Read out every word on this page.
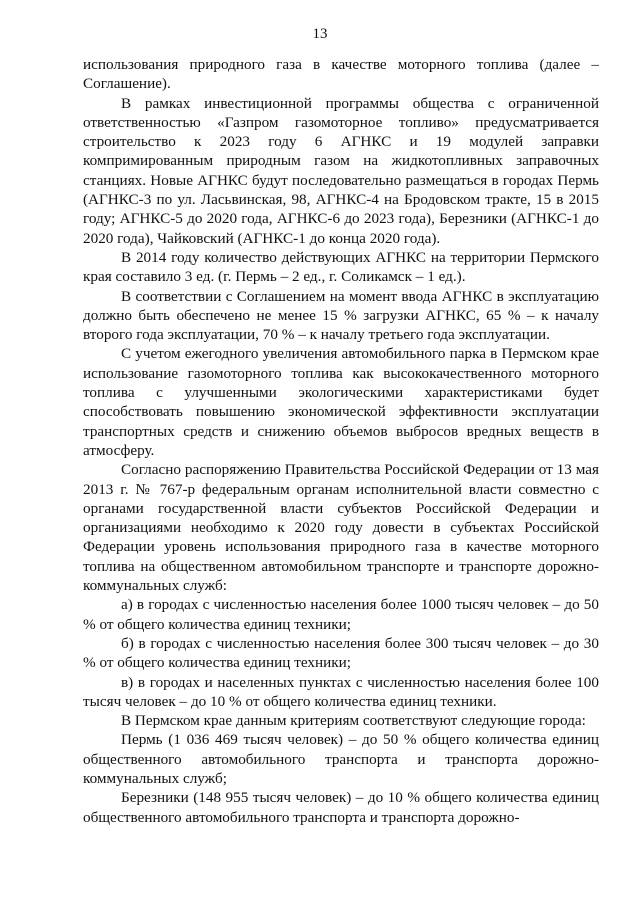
13

использования природного газа в качестве моторного топлива (далее – Соглашение).

В рамках инвестиционной программы общества с ограниченной ответственностью «Газпром газомоторное топливо» предусматривается строительство к 2023 году 6 АГНКС и 19 модулей заправки компримированным природным газом на жидкотопливных заправочных станциях. Новые АГНКС будут последовательно размещаться в городах Пермь (АГНКС-3 по ул. Ласьвинская, 98, АГНКС-4 на Бродовском тракте, 15 в 2015 году; АГНКС-5 до 2020 года, АГНКС-6 до 2023 года), Березники (АГНКС-1 до 2020 года), Чайковский (АГНКС-1 до конца 2020 года).

В 2014 году количество действующих АГНКС на территории Пермского края составило 3 ед. (г. Пермь – 2 ед., г. Соликамск – 1 ед.).

В соответствии с Соглашением на момент ввода АГНКС в эксплуатацию должно быть обеспечено не менее 15 % загрузки АГНКС, 65 % – к началу второго года эксплуатации, 70 % – к началу третьего года эксплуатации.

С учетом ежегодного увеличения автомобильного парка в Пермском крае использование газомоторного топлива как высококачественного моторного топлива с улучшенными экологическими характеристиками будет способствовать повышению экономической эффективности эксплуатации транспортных средств и снижению объемов выбросов вредных веществ в атмосферу.

Согласно распоряжению Правительства Российской Федерации от 13 мая 2013 г. № 767-р федеральным органам исполнительной власти совместно с органами государственной власти субъектов Российской Федерации и организациями необходимо к 2020 году довести в субъектах Российской Федерации уровень использования природного газа в качестве моторного топлива на общественном автомобильном транспорте и транспорте дорожно-коммунальных служб:

а) в городах с численностью населения более 1000 тысяч человек – до 50 % от общего количества единиц техники;

б) в городах с численностью населения более 300 тысяч человек – до 30 % от общего количества единиц техники;

в) в городах и населенных пунктах с численностью населения более 100 тысяч человек – до 10 % от общего количества единиц техники.

В Пермском крае данным критериям соответствуют следующие города:

Пермь (1 036 469 тысяч человек) – до 50 % общего количества единиц общественного автомобильного транспорта и транспорта дорожно-коммунальных служб;

Березники (148 955 тысяч человек) – до 10 % общего количества единиц общественного автомобильного транспорта и транспорта дорожно-
